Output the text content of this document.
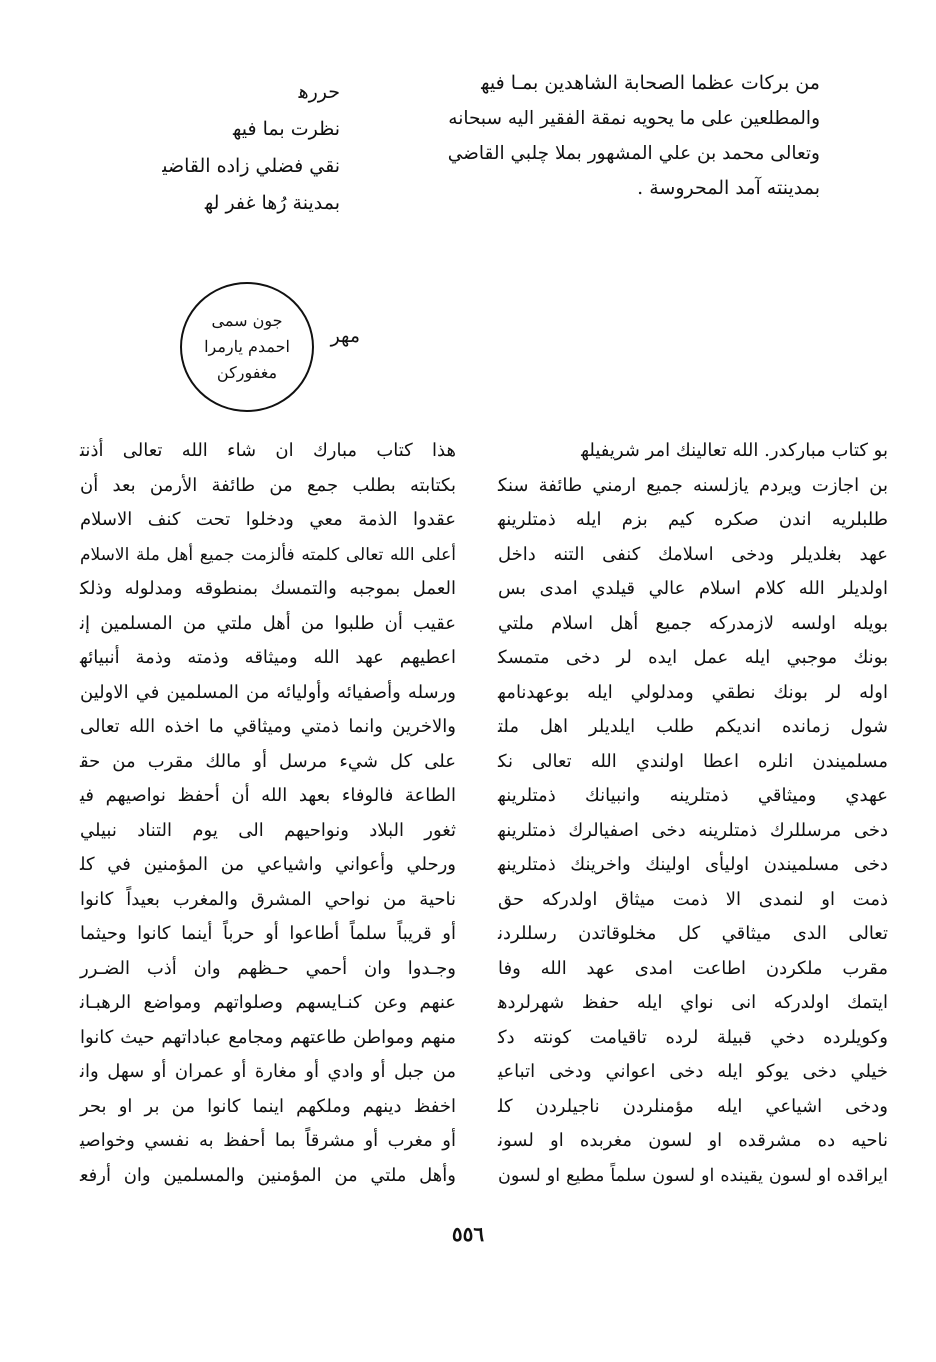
من بركات عظما الصحابة الشاهدين بمـا فيه
والمطلعين على ما يحويه نمقة الفقير اليه سبحانه
وتعالى محمد بن علي المشهور بملا چلبي القاضي
بمدينته آمد المحروسة .
حرره
نظرت بما فيه
نقي فضلي زاده القاضي
بمدينة رُها غفر له
مهر
جون سمى
احمدم يارمرا
مغفوركن
بو كتاب مباركدر. الله تعالينك امر شريفيله
بن اجازت ويردم يازلسنه جميع ارمني طائفة سنك
طلبلريه اندن صكره كيم بزم ايله ذمتلرينه
عهد بغلديلر ودخى اسلامك كنفى التنه داخل
اولديلر الله كلام اسلام عالي قيلدي امدى بس
بويله اولسه لازمدركه جميع أهل اسلام ملتي
بونك موجبي ايله عمل ايده لر دخى متمسك
اوله لر بونك نطقي ومدلولي ايله بوعهدنامه
شول زمانده انديكم طلب ايلديلر اهل ملت
مسلميندن انلره اعطا اولندي الله تعالى نك
عهدي وميثاقي ذمتلرينه وانبيانك ذمتلرينه
دخى مرسللرك ذمتلرينه دخى اصفيالرك ذمتلرينه
دخى مسلميندن اوليأى اولينك واخرينك ذمتلرينه
ذمت او لنمدى الا ذمت ميثاق اولدركه حق
تعالى الدى ميثاقي كل مخلوقاتدن رسللردن
مقرب ملكردن اطاعت امدى عهد الله وفا
ايتمك اولدركه انى نواي ايله حفظ شهرلرده
وكويلرده دخي قبيلة لرده تاقيامت كونته دك
خيلي دخى يوكو ايله دخى اعواني ودخى اتباعي
ودخى اشياعي ايله مؤمنلردن ناجيلردن كل
ناحيه ده مشرقده او لسون مغربده او لسون
ايراقده او لسون يقينده او لسون سلماً مطيع او لسون
هذا كتاب مبارك ان شاء الله تعالى أذنت
بكتابته بطلب جمع من طائفة الأرمن بعد أن
عقدوا الذمة معي ودخلوا تحت كنف الاسلام
أعلى الله تعالى كلمته فألزمت جميع أهل ملة الاسلام
العمل بموجبه والتمسك بمنطوقه ومدلوله وذلك
عقيب أن طلبوا من أهل ملتي من المسلمين إن
اعطيهم عهد الله وميثاقه وذمته وذمة أنبيائه
ورسله وأصفيائه وأوليائه من المسلمين في الاولين
والاخرين وانما ذمتي وميثاقي ما اخذه الله تعالى
على كل شيء مرسل أو مالك مقرب من حق
الطاعة فالوفاء بعهد الله أن أحفظ نواصيهم في
ثغور البلاد ونواحيهم الى يوم التناد نبيلي
ورحلي وأعواني واشياعي من المؤمنين في كل
ناحية من نواحي المشرق والمغرب بعيداً كانوا
أو قريباً سلماً أطاعوا أو حرباً أينما كانوا وحيثما
وجـدوا وان أحمي حـظهم وان أذب الضـرر
عنهم وعن كنـايسهم وصلواتهم ومواضع الرهبـان
منهم ومواطن طاعتهم ومجامع عباداتهم حيث كانوا
من جبل أو وادي أو مغارة أو عمران أو سهل وان
اخفظ دينهم وملكهم اينما كانوا من بر او بحر
أو مغرب أو مشرقاً بما أحفظ به نفسي وخواصي
وأهل ملتي من المؤمنين والمسلمين وان أرفع
٥٥٦
